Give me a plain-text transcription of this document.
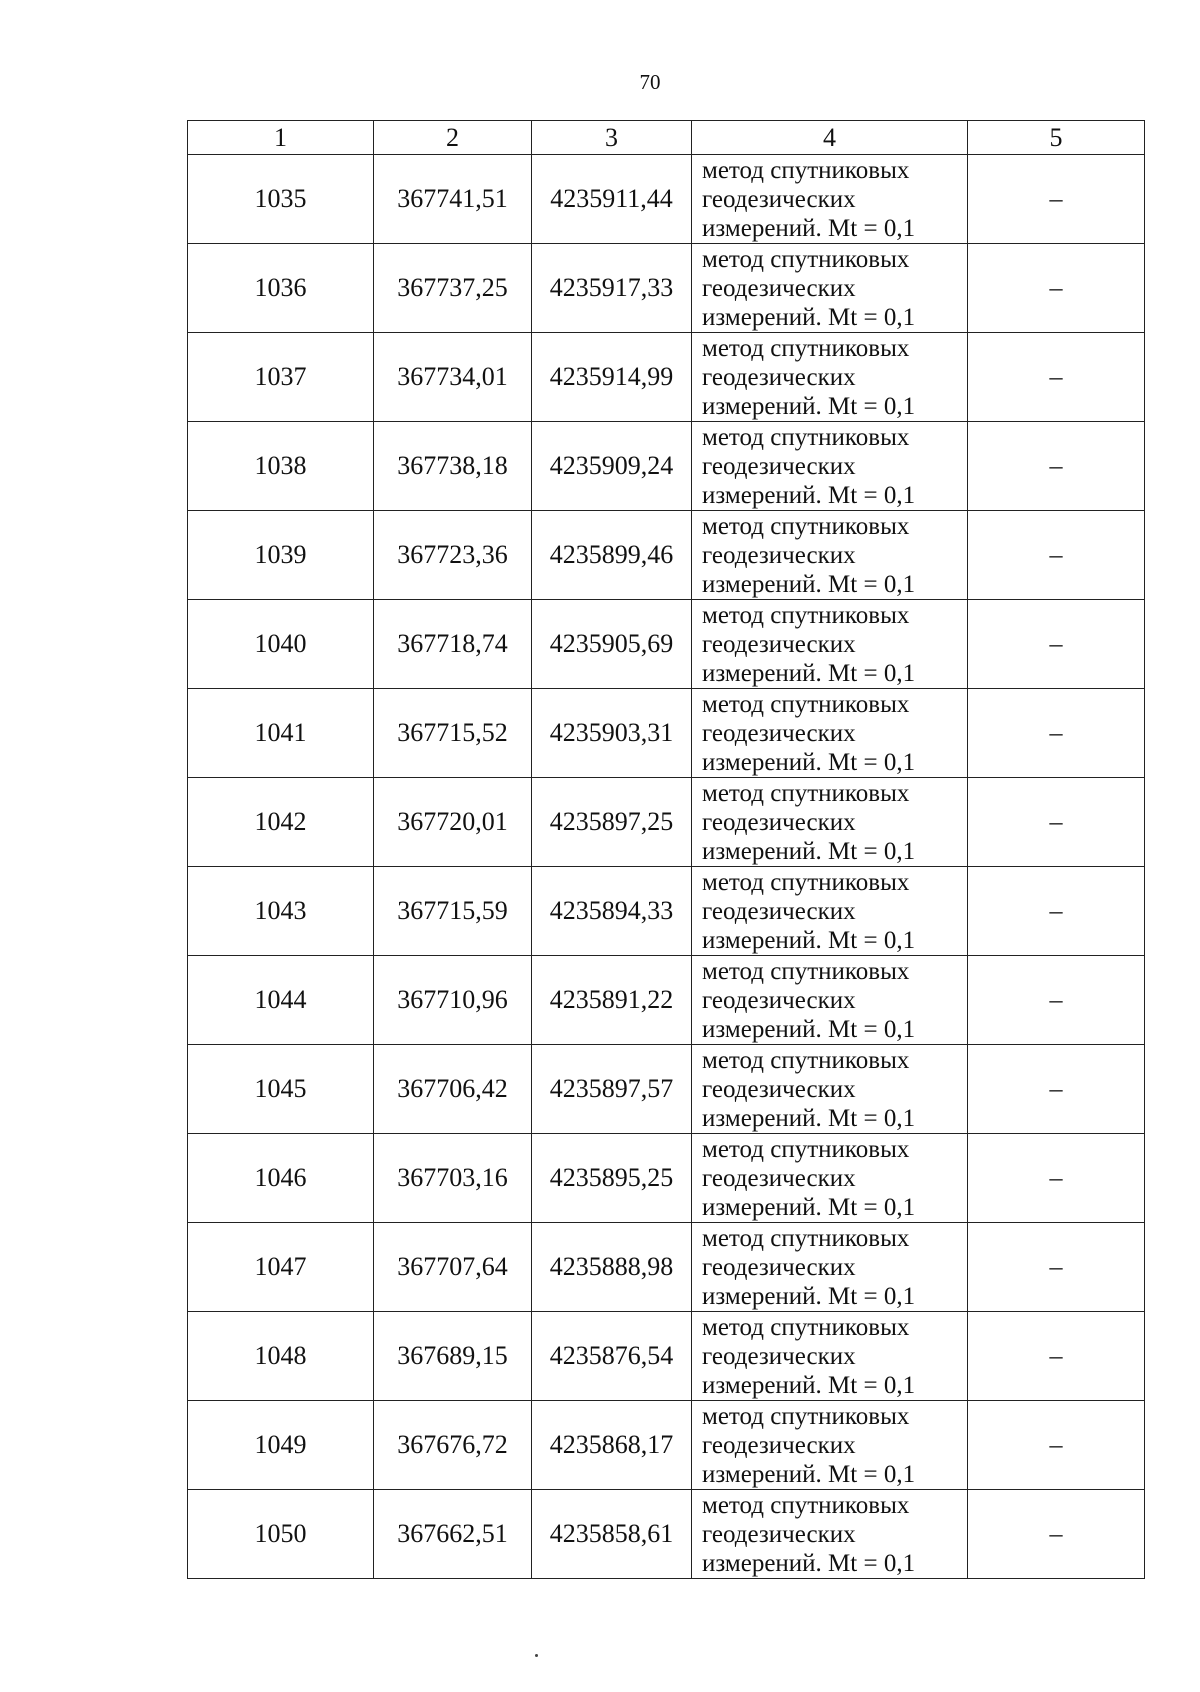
70
1	2	3	4	5
1035	367741,51	4235911,44	метод спутниковых
геодезических
измерений. Mt = 0,1	–
1036	367737,25	4235917,33	метод спутниковых
геодезических
измерений. Mt = 0,1	–
1037	367734,01	4235914,99	метод спутниковых
геодезических
измерений. Mt = 0,1	–
1038	367738,18	4235909,24	метод спутниковых
геодезических
измерений. Mt = 0,1	–
1039	367723,36	4235899,46	метод спутниковых
геодезических
измерений. Mt = 0,1	–
1040	367718,74	4235905,69	метод спутниковых
геодезических
измерений. Mt = 0,1	–
1041	367715,52	4235903,31	метод спутниковых
геодезических
измерений. Mt = 0,1	–
1042	367720,01	4235897,25	метод спутниковых
геодезических
измерений. Mt = 0,1	–
1043	367715,59	4235894,33	метод спутниковых
геодезических
измерений. Mt = 0,1	–
1044	367710,96	4235891,22	метод спутниковых
геодезических
измерений. Mt = 0,1	–
1045	367706,42	4235897,57	метод спутниковых
геодезических
измерений. Mt = 0,1	–
1046	367703,16	4235895,25	метод спутниковых
геодезических
измерений. Mt = 0,1	–
1047	367707,64	4235888,98	метод спутниковых
геодезических
измерений. Mt = 0,1	–
1048	367689,15	4235876,54	метод спутниковых
геодезических
измерений. Mt = 0,1	–
1049	367676,72	4235868,17	метод спутниковых
геодезических
измерений. Mt = 0,1	–
1050	367662,51	4235858,61	метод спутниковых
геодезических
измерений. Mt = 0,1	–
